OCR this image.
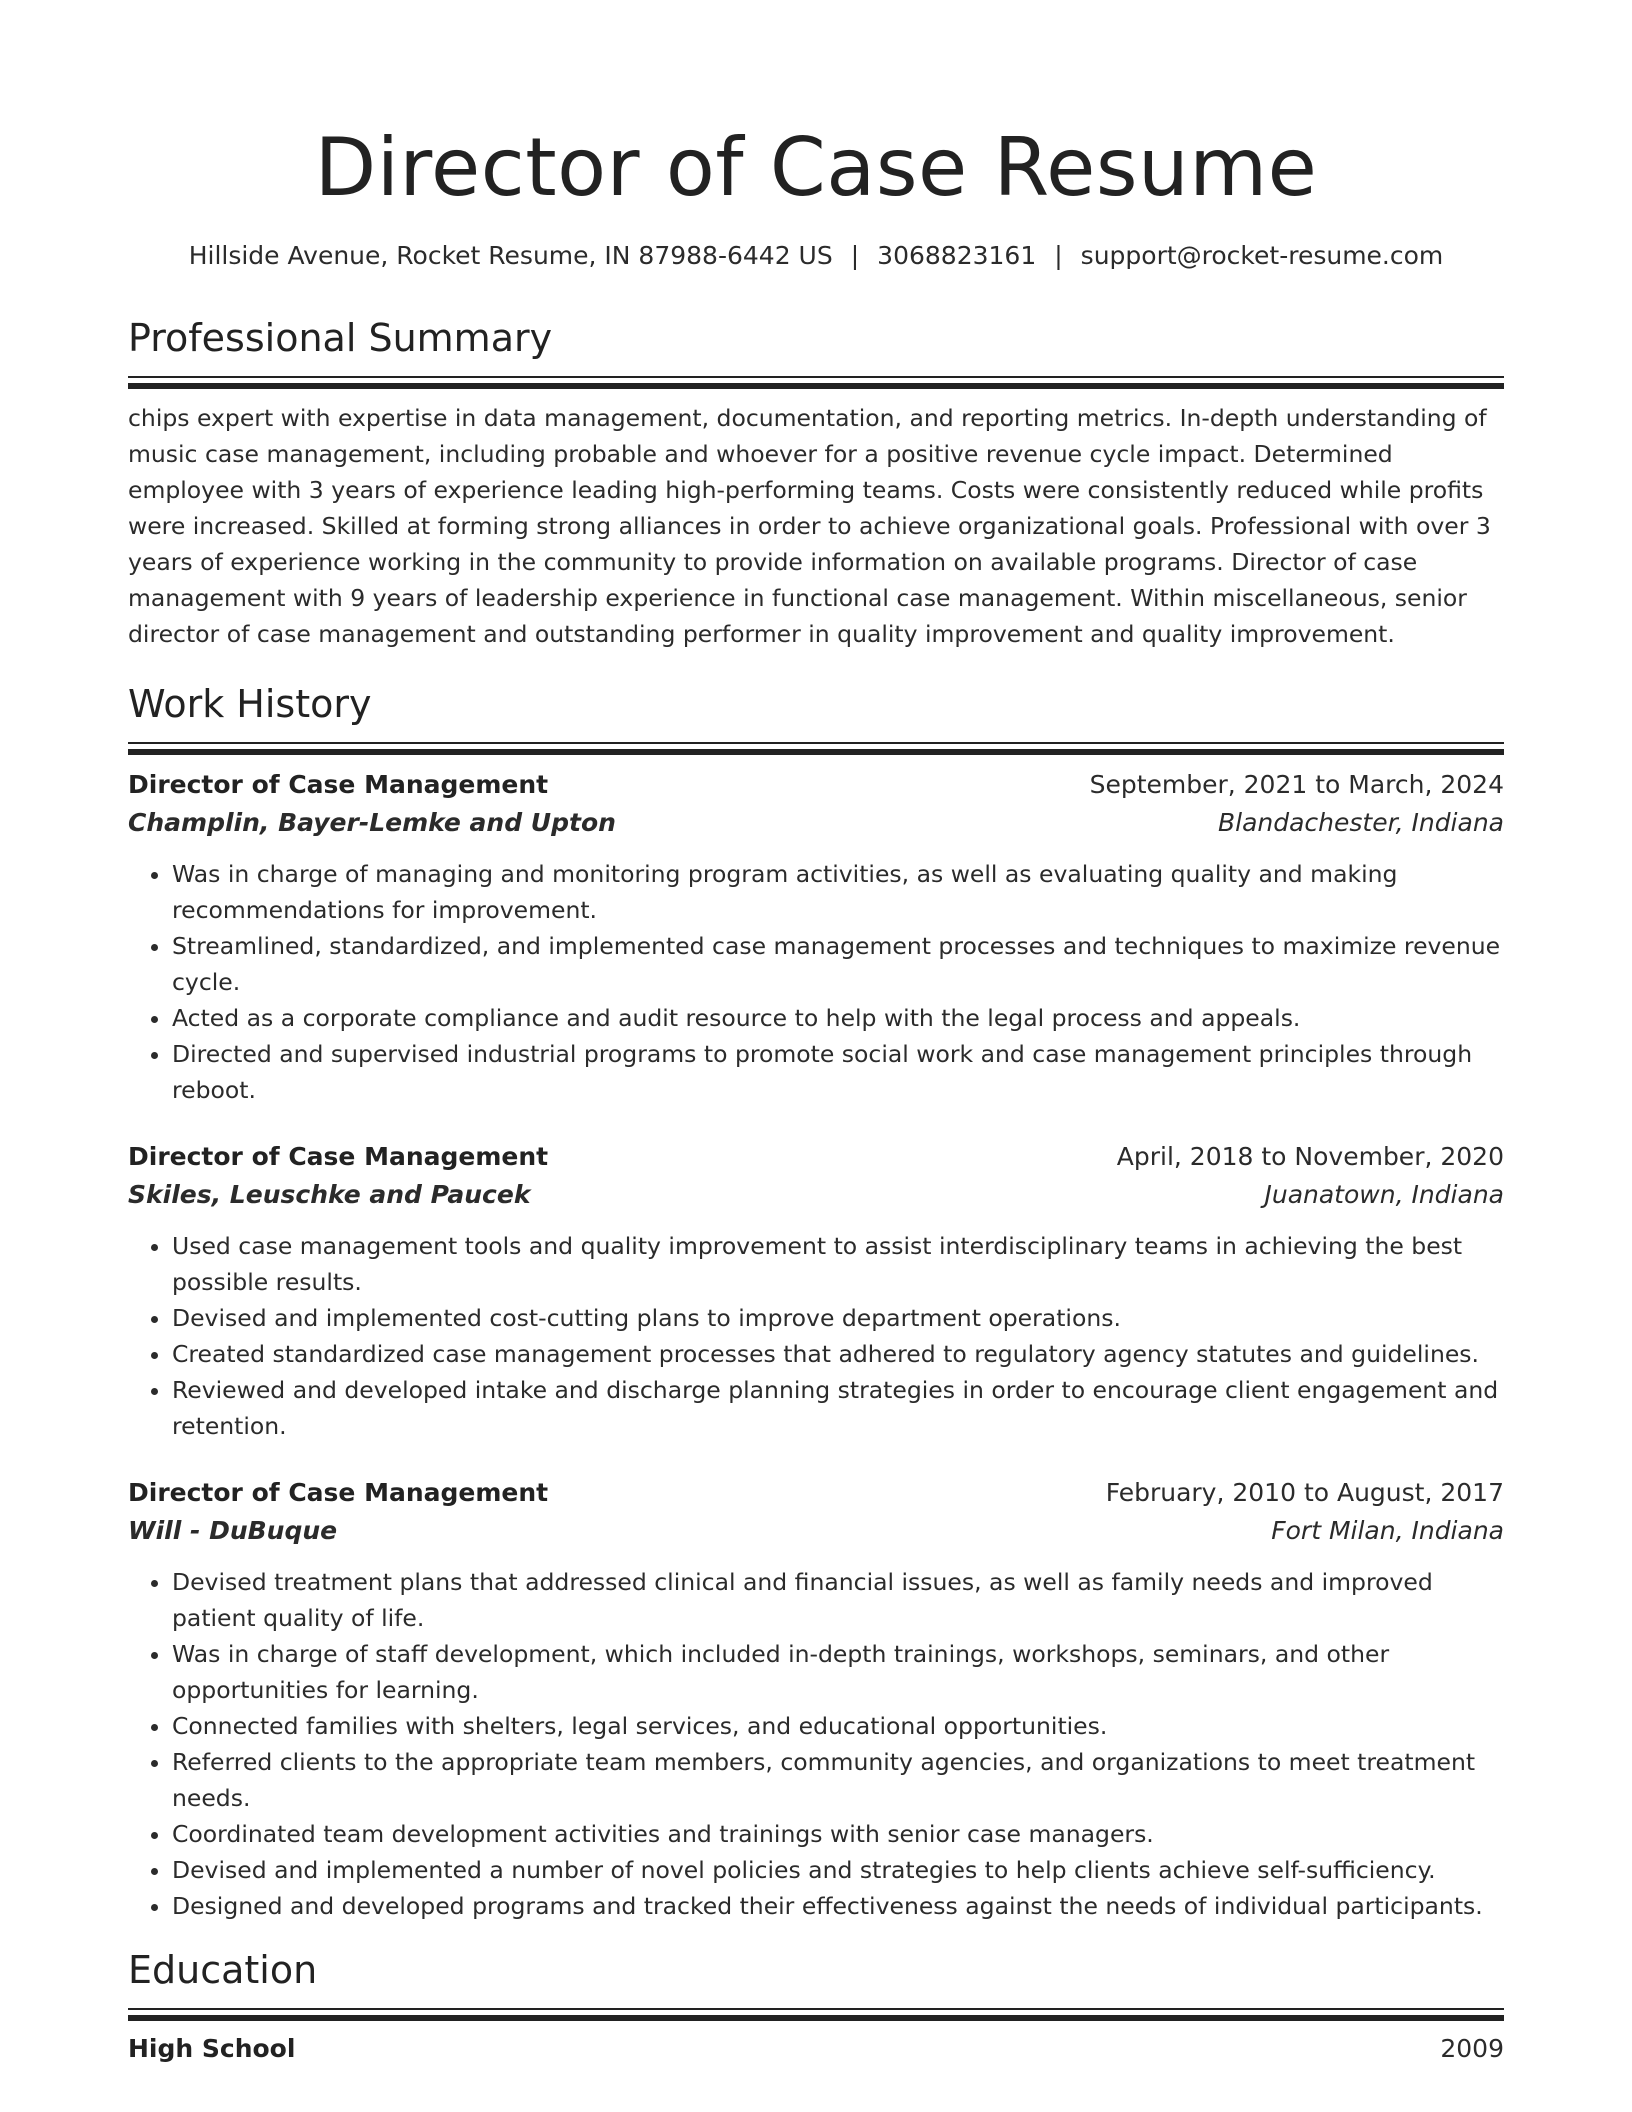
Director of Case Resume
Hillside Avenue, Rocket Resume, IN 87988-6442 US | 3068823161 | support@rocket-resume.com
Professional Summary

chips expert with expertise in data management, documentation, and reporting metrics. In-depth understanding of music case management, including probable and whoever for a positive revenue cycle impact. Determined employee with 3 years of experience leading high-performing teams. Costs were consistently reduced while profits were increased. Skilled at forming strong alliances in order to achieve organizational goals. Professional with over 3 years of experience working in the community to provide information on available programs. Director of case management with 9 years of leadership experience in functional case management. Within miscellaneous, senior director of case management and outstanding performer in quality improvement and quality improvement.

Work History
Director of Case Management	September, 2021 to March, 2024
Champlin, Bayer-Lemke and Upton	Blandachester, Indiana
• Was in charge of managing and monitoring program activities, as well as evaluating quality and making recommendations for improvement.
• Streamlined, standardized, and implemented case management processes and techniques to maximize revenue cycle.
• Acted as a corporate compliance and audit resource to help with the legal process and appeals.
• Directed and supervised industrial programs to promote social work and case management principles through reboot.
Director of Case Management	April, 2018 to November, 2020
Skiles, Leuschke and Paucek	Juanatown, Indiana
• Used case management tools and quality improvement to assist interdisciplinary teams in achieving the best possible results.
• Devised and implemented cost-cutting plans to improve department operations.
• Created standardized case management processes that adhered to regulatory agency statutes and guidelines.
• Reviewed and developed intake and discharge planning strategies in order to encourage client engagement and retention.
Director of Case Management	February, 2010 to August, 2017
Will - DuBuque	Fort Milan, Indiana
• Devised treatment plans that addressed clinical and financial issues, as well as family needs and improved patient quality of life.
• Was in charge of staff development, which included in-depth trainings, workshops, seminars, and other opportunities for learning.
• Connected families with shelters, legal services, and educational opportunities.
• Referred clients to the appropriate team members, community agencies, and organizations to meet treatment needs.
• Coordinated team development activities and trainings with senior case managers.
• Devised and implemented a number of novel policies and strategies to help clients achieve self-sufficiency.
• Designed and developed programs and tracked their effectiveness against the needs of individual participants.
Education
High School	2009
